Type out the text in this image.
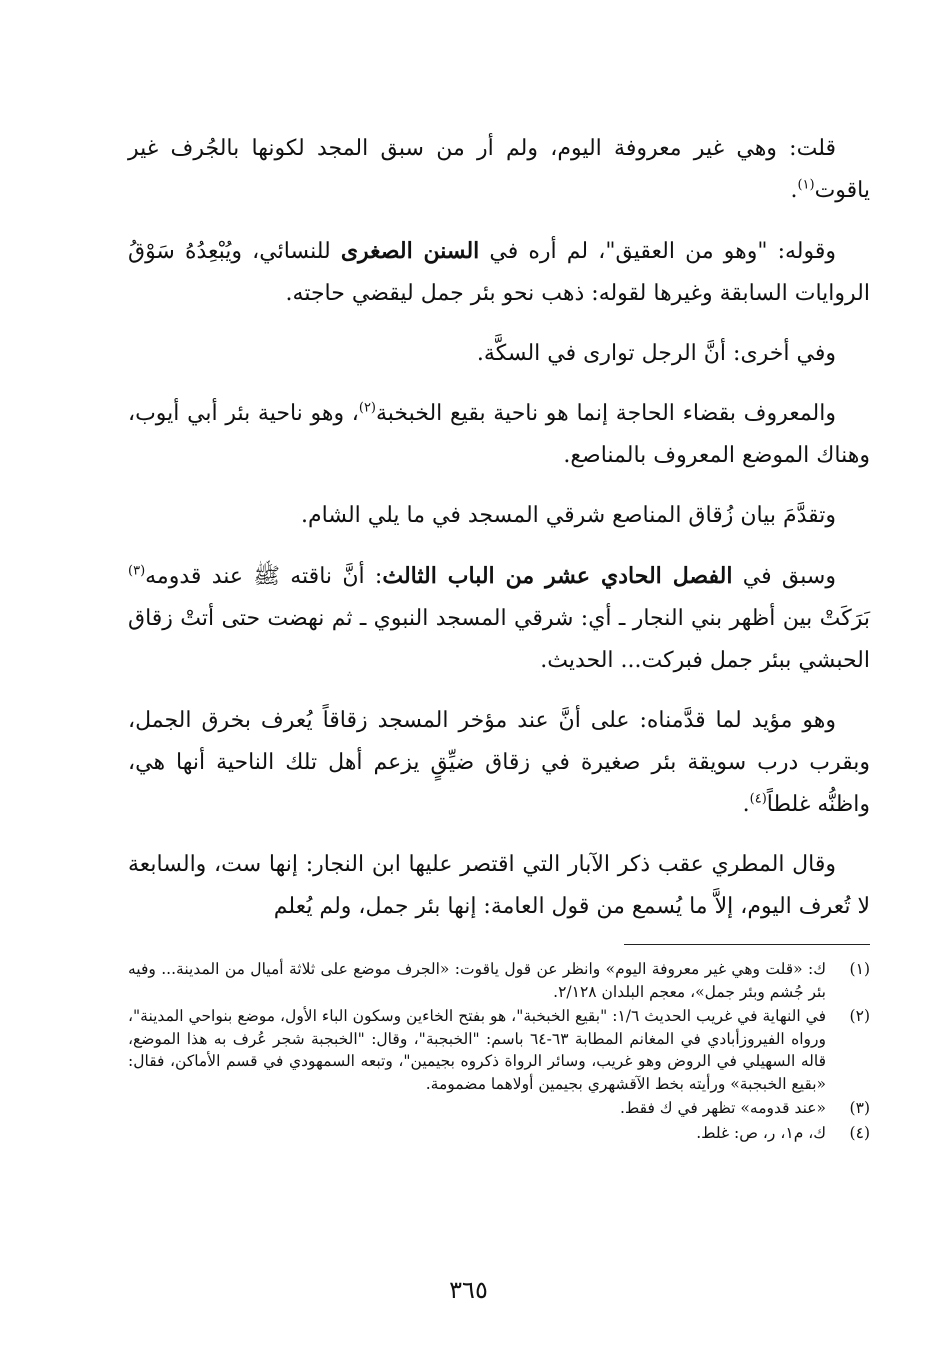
قلت: وهي غير معروفة اليوم، ولم أر من سبق المجد لكونها بالجُرف غير ياقوت$^{(١)}$.

وقوله: "وهو من العقيق"، لم أره في السنن الصغرى للنسائي، ويُبْعِدُهُ سَوْقُ الروايات السابقة وغيرها لقوله: ذهب نحو بئر جمل ليقضي حاجته.

وفي أخرى: أنَّ الرجل توارى في السكَّة.

والمعروف بقضاء الحاجة إنما هو ناحية بقيع الخبخبة$^{(٢)}$، وهو ناحية بئر أبي أيوب، وهناك الموضع المعروف بالمناصع.

وتقدَّمَ بيان زُقاق المناصع شرقي المسجد في ما يلي الشام.

وسبق في الفصل الحادي عشر من الباب الثالث: أنَّ ناقته ﷺ عند قدومه$^{(٣)}$ بَرَكَتْ بين أظهر بني النجار ـ أي: شرقي المسجد النبوي ـ ثم نهضت حتى أتتْ زقاق الحبشي ببئر جمل فبركت... الحديث.

وهو مؤيد لما قدَّمناه: على أنَّ عند مؤخر المسجد زقاقاً يُعرف بخرق الجمل، وبقرب درب سويقة بئر صغيرة في زقاق ضيِّقٍ يزعم أهل تلك الناحية أنها هي، واظنُّه غلطاً$^{(٤)}$.

وقال المطري عقب ذكر الآبار التي اقتصر عليها ابن النجار: إنها ست، والسابعة لا تُعرف اليوم، إلاَّ ما يُسمع من قول العامة: إنها بئر جمل، ولم يُعلم

(١)
ك: «قلت وهي غير معروفة اليوم» وانظر عن قول ياقوت: «الجرف موضع على ثلاثة أميال من المدينة... وفيه بئر جُشم وبئر جمل»، معجم البلدان ٢/١٢٨.
(٢)
في النهاية في غريب الحديث ١/٦: "بقيع الخبخبة"، هو بفتح الخاءين وسكون الباء الأول، موضع بنواحي المدينة"، ورواه الفيروزأبادي في المغانم المطابة ٦٣-٦٤ باسم: "الخبجبة"، وقال: "الخبجبة شجر عُرف به هذا الموضع، قاله السهيلي في الروض وهو غريب، وسائر الرواة ذكروه بجيمين"، وتبعه السمهودي في قسم الأماكن، فقال: «بقيع الخبجبة» ورأيته بخط الآقشهري بجيمين أولاهما مضمومة.
(٣)
«عند قدومه» تظهر في ك فقط.
(٤)
ك، م١، ر، ص: غلط.
٣٦٥
